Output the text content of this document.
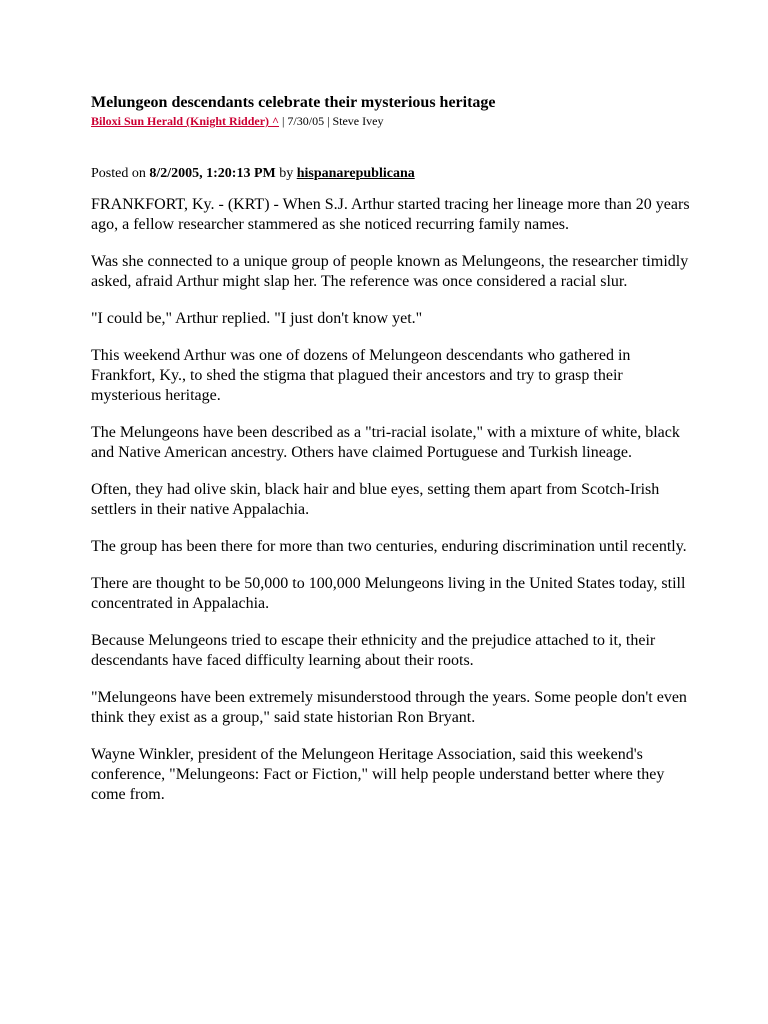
Melungeon descendants celebrate their mysterious heritage
Biloxi Sun Herald (Knight Ridder) ^ | 7/30/05 | Steve Ivey
Posted on 8/2/2005, 1:20:13 PM by hispanarepublicana

FRANKFORT, Ky. - (KRT) - When S.J. Arthur started tracing her lineage more than 20 years ago, a fellow researcher stammered as she noticed recurring family names.

Was she connected to a unique group of people known as Melungeons, the researcher timidly asked, afraid Arthur might slap her. The reference was once considered a racial slur.

"I could be," Arthur replied. "I just don't know yet."

This weekend Arthur was one of dozens of Melungeon descendants who gathered in Frankfort, Ky., to shed the stigma that plagued their ancestors and try to grasp their mysterious heritage.

The Melungeons have been described as a "tri-racial isolate," with a mixture of white, black and Native American ancestry. Others have claimed Portuguese and Turkish lineage.

Often, they had olive skin, black hair and blue eyes, setting them apart from Scotch-Irish settlers in their native Appalachia.

The group has been there for more than two centuries, enduring discrimination until recently.

There are thought to be 50,000 to 100,000 Melungeons living in the United States today, still concentrated in Appalachia.

Because Melungeons tried to escape their ethnicity and the prejudice attached to it, their descendants have faced difficulty learning about their roots.

"Melungeons have been extremely misunderstood through the years. Some people don't even think they exist as a group," said state historian Ron Bryant.

Wayne Winkler, president of the Melungeon Heritage Association, said this weekend's conference, "Melungeons: Fact or Fiction," will help people understand better where they come from.
